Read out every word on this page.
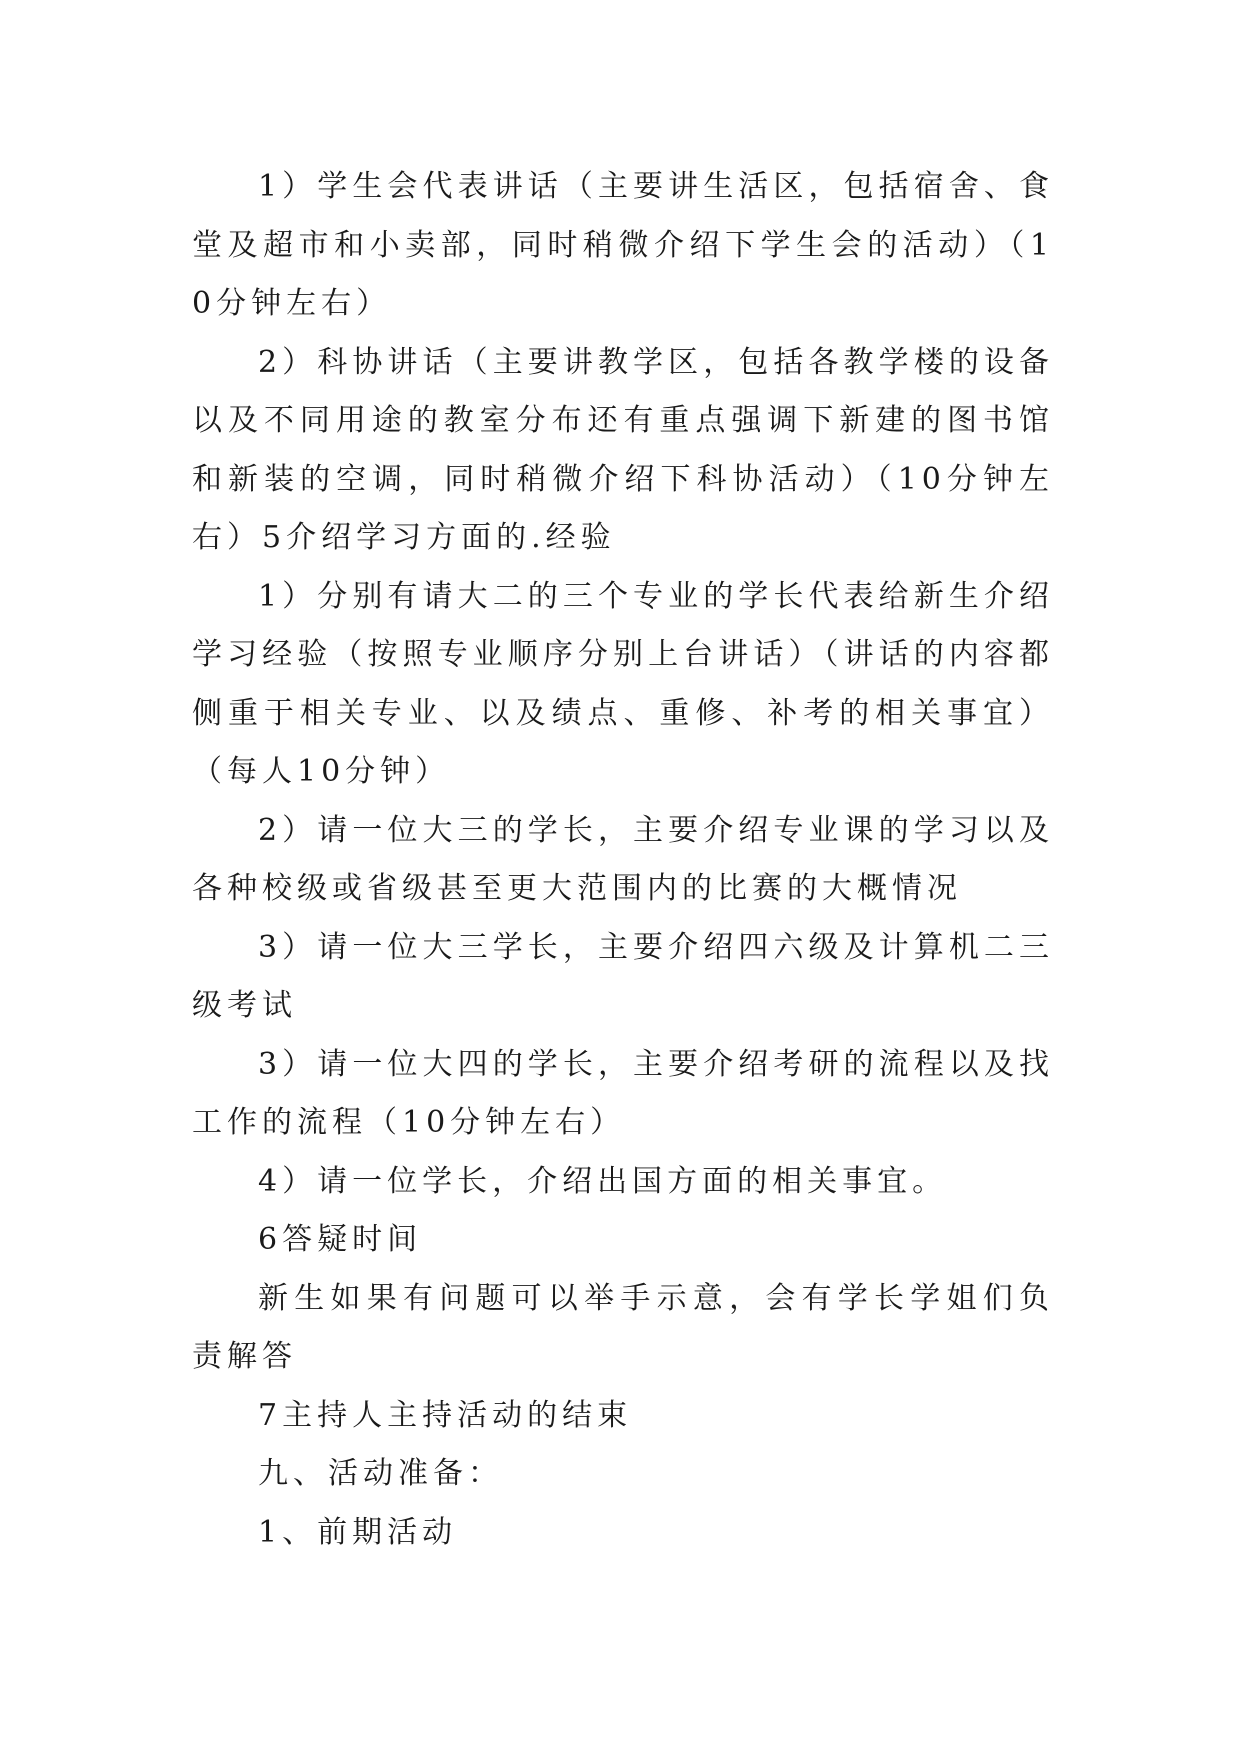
1）学生会代表讲话（主要讲生活区，包括宿舍、食堂及超市和小卖部，同时稍微介绍下学生会的活动）（10分钟左右）

2）科协讲话（主要讲教学区，包括各教学楼的设备以及不同用途的教室分布还有重点强调下新建的图书馆和新装的空调，同时稍微介绍下科协活动）（10分钟左右）5介绍学习方面的.经验

1）分别有请大二的三个专业的学长代表给新生介绍学习经验（按照专业顺序分别上台讲话）（讲话的内容都侧重于相关专业、以及绩点、重修、补考的相关事宜）（每人10分钟）

2）请一位大三的学长，主要介绍专业课的学习以及各种校级或省级甚至更大范围内的比赛的大概情况

3）请一位大三学长，主要介绍四六级及计算机二三级考试

3）请一位大四的学长，主要介绍考研的流程以及找工作的流程（10分钟左右）

4）请一位学长，介绍出国方面的相关事宜。

6答疑时间

新生如果有问题可以举手示意，会有学长学姐们负责解答

7主持人主持活动的结束

九、活动准备：

1、前期活动
